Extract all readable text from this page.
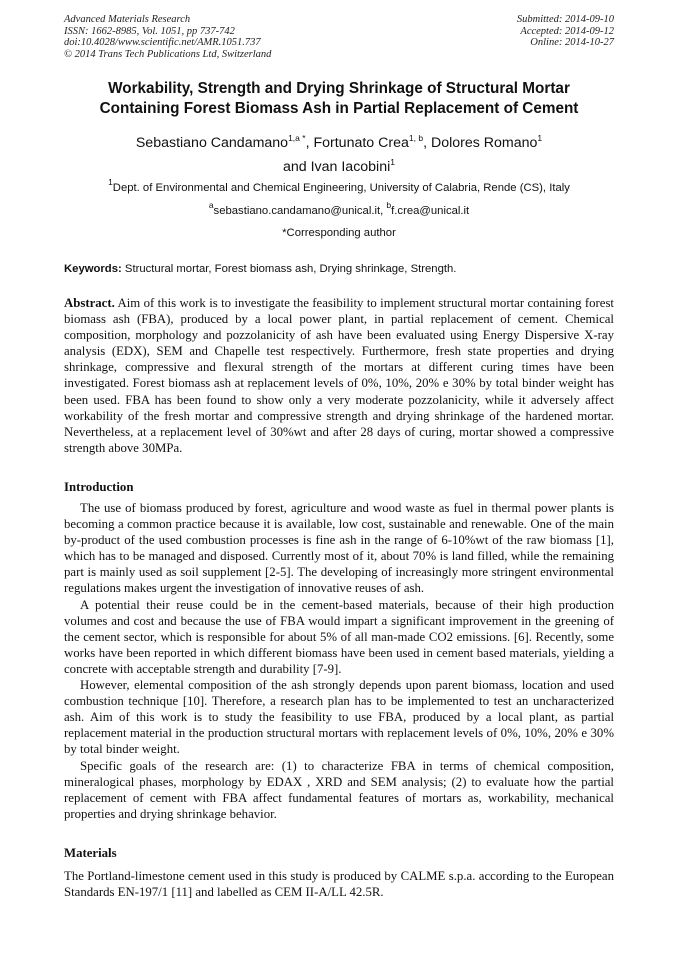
Advanced Materials Research
ISSN: 1662-8985, Vol. 1051, pp 737-742
doi:10.4028/www.scientific.net/AMR.1051.737
© 2014 Trans Tech Publications Ltd, Switzerland
Submitted: 2014-09-10
Accepted: 2014-09-12
Online: 2014-10-27
Workability, Strength and Drying Shrinkage of Structural Mortar
Containing Forest Biomass Ash in Partial Replacement of Cement
Sebastiano Candamano$^{1,a *}$, Fortunato Crea$^{1, b}$, Dolores Romano$^1$
and Ivan Iacobini$^1$
$^1$Dept. of Environmental and Chemical Engineering, University of Calabria, Rende (CS), Italy
$^a$sebastiano.candamano@unical.it, $^b$f.crea@unical.it
*Corresponding author
Keywords: Structural mortar, Forest biomass ash, Drying shrinkage, Strength.
Abstract. Aim of this work is to investigate the feasibility to implement structural mortar containing forest biomass ash (FBA), produced by a local power plant, in partial replacement of cement. Chemical composition, morphology and pozzolanicity of ash have been evaluated using Energy Dispersive X-ray analysis (EDX), SEM and Chapelle test respectively. Furthermore, fresh state properties and drying shrinkage, compressive and flexural strength of the mortars at different curing times have been investigated. Forest biomass ash at replacement levels of 0%, 10%, 20% e 30% by total binder weight has been used. FBA has been found to show only a very moderate pozzolanicity, while it adversely affect workability of the fresh mortar and compressive strength and drying shrinkage of the hardened mortar. Nevertheless, at a replacement level of 30%wt and after 28 days of curing, mortar showed a compressive strength above 30MPa.
Introduction

The use of biomass produced by forest, agriculture and wood waste as fuel in thermal power plants is becoming a common practice because it is available, low cost, sustainable and renewable. One of the main by-product of the used combustion processes is fine ash in the range of 6-10%wt of the raw biomass [1], which has to be managed and disposed. Currently most of it, about 70% is land filled, while the remaining part is mainly used as soil supplement [2-5]. The developing of increasingly more stringent environmental regulations makes urgent the investigation of innovative reuses of ash.

A potential their reuse could be in the cement-based materials, because of their high production volumes and cost and because the use of FBA would impart a significant improvement in the greening of the cement sector, which is responsible for about 5% of all man-made CO2 emissions. [6]. Recently, some works have been reported in which different biomass have been used in cement based materials, yielding a concrete with acceptable strength and durability [7-9].

However, elemental composition of the ash strongly depends upon parent biomass, location and used combustion technique [10]. Therefore, a research plan has to be implemented to test an uncharacterized ash. Aim of this work is to study the feasibility to use FBA, produced by a local plant, as partial replacement material in the production structural mortars with replacement levels of 0%, 10%, 20% e 30% by total binder weight.

Specific goals of the research are: (1) to characterize FBA in terms of chemical composition, mineralogical phases, morphology by EDAX , XRD and SEM analysis; (2) to evaluate how the partial replacement of cement with FBA affect fundamental features of mortars as, workability, mechanical properties and drying shrinkage behavior.

Materials
The Portland-limestone cement used in this study is produced by CALME s.p.a. according to the European Standards EN-197/1 [11] and labelled as CEM II-A/LL 42.5R.
